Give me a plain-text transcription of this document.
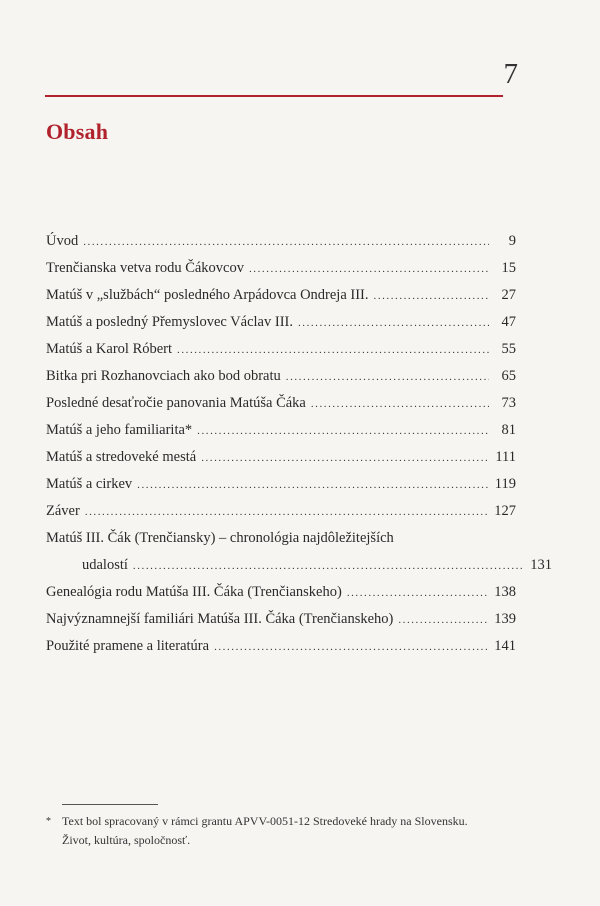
7
Obsah
Úvod . . .	9
Trenčianska vetva rodu Čákovcov . . .	15
Matúš v „službách“ posledného Arpádovca Ondreja III. . . .	27
Matúš a posledný Přemyslovec Václav III. . . .	47
Matúš a Karol Róbert . . .	55
Bitka pri Rozhanovciach ako bod obratu . . .	65
Posledné desaťročie panovania Matúša Čáka . . .	73
Matúš a jeho familiarita* . . .	81
Matúš a stredoveké mestá . . .	111
Matúš a cirkev . . .	119
Záver . . .	127
Matúš III. Čák (Trenčiansky) – chronológia najdôležitejších
udalostí . . .	131
Genealógia rodu Matúša III. Čáka (Trenčianskeho) . . .	138
Najvýznamnejší familiári Matúša III. Čáka (Trenčianskeho) . . .	139
Použité pramene a literatúra . . .	141
* Text bol spracovaný v rámci grantu APVV-0051-12 Stredoveké hrady na Slovensku.
Život, kultúra, spoločnosť.
